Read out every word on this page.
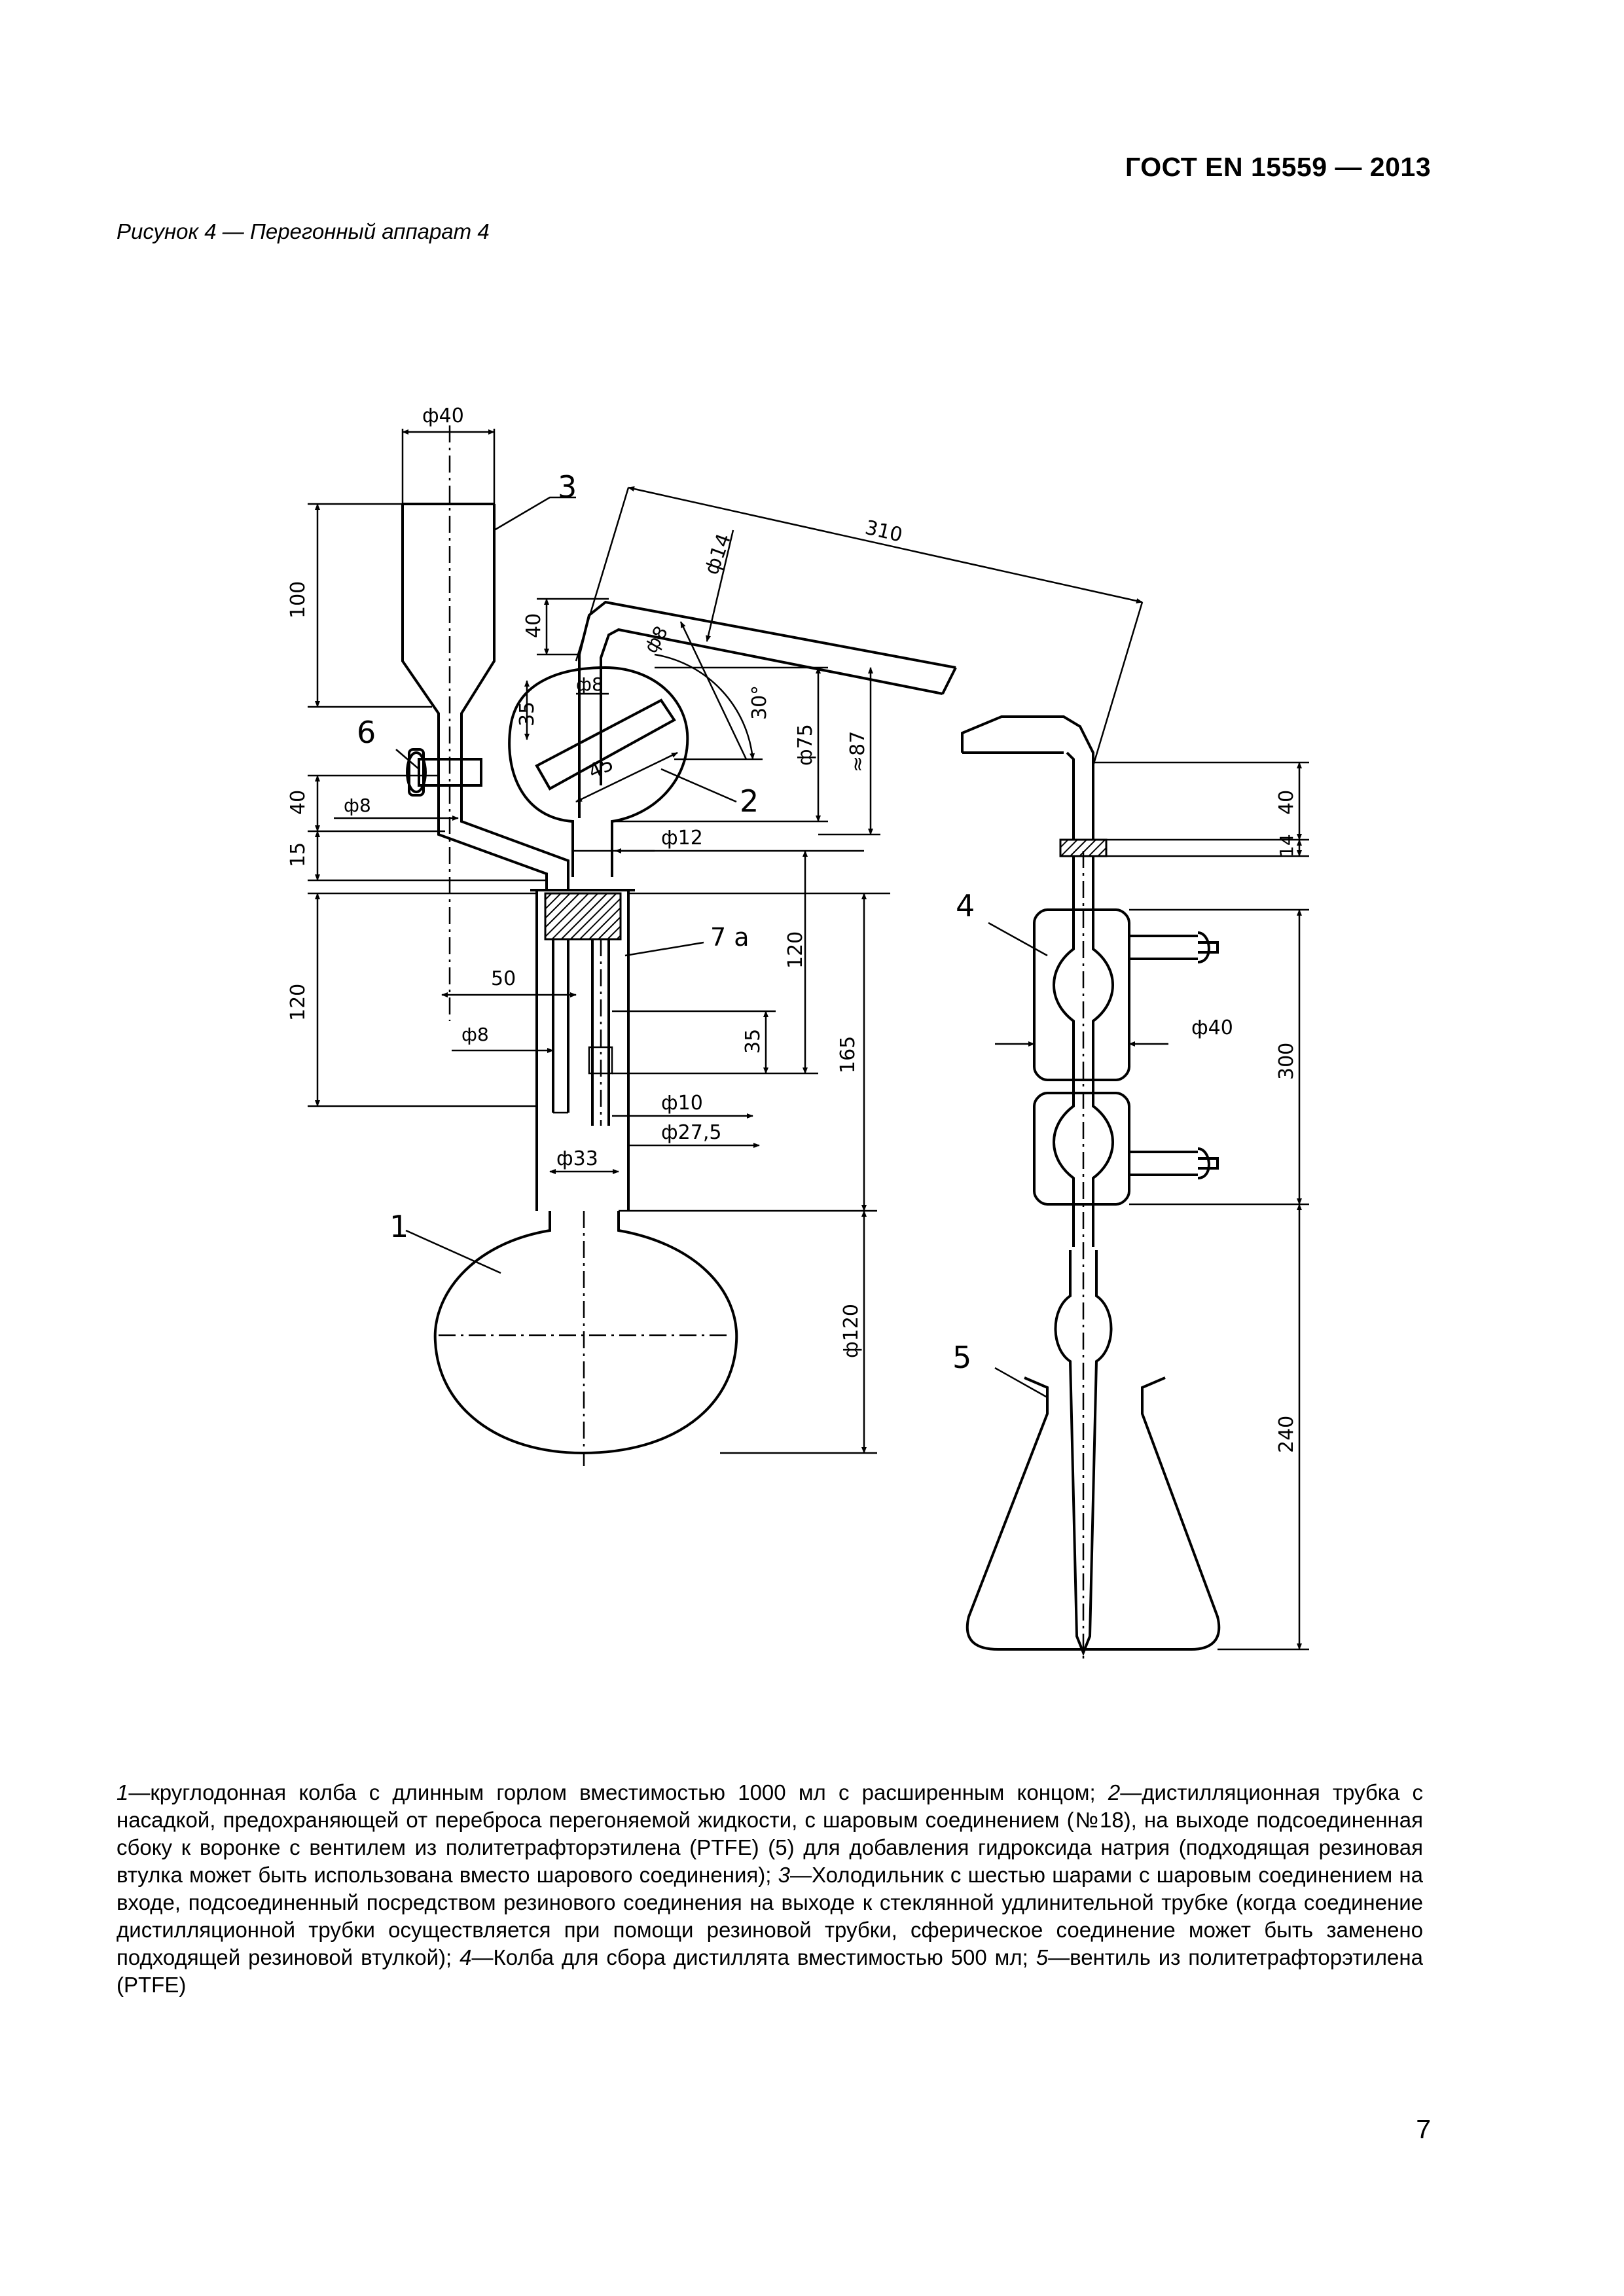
ГОСТ EN 15559 — 2013
Рисунок 4 — Перегонный аппарат 4
3
2
6
7 a
1
4
5
ф40
100
310
ф14
ф8
40
35
ф8
30°
ф75 ≈87
45
40 ф8
15
ф12
120
120
50
ф8	35	165
ф10
ф27,5
ф33
ф120
40
14
ф40
300
240
1—круглодонная колба с длинным горлом вместимостью 1000 мл с расширенным концом; 2—дистилляционная трубка с насадкой, предохраняющей от переброса перегоняемой жидкости, с шаровым соединением (№18), на выходе подсоединенная сбоку к воронке с вентилем из политетрафторэтилена (PTFE) (5) для добавления гидроксида натрия (подходящая резиновая втулка может быть использована вместо шарового соединения); 3—Холодильник с шестью шарами с шаровым соединением на входе, подсоединенный посредством резинового соединения на выходе к стеклянной удлинительной трубке (когда соединение дистилляционной трубки осуществляется при помощи резиновой трубки, сферическое соединение может быть заменено подходящей резиновой втулкой); 4—Колба для сбора дистиллята вместимостью 500 мл; 5—вентиль из политетрафторэтилена (PTFE)
7
